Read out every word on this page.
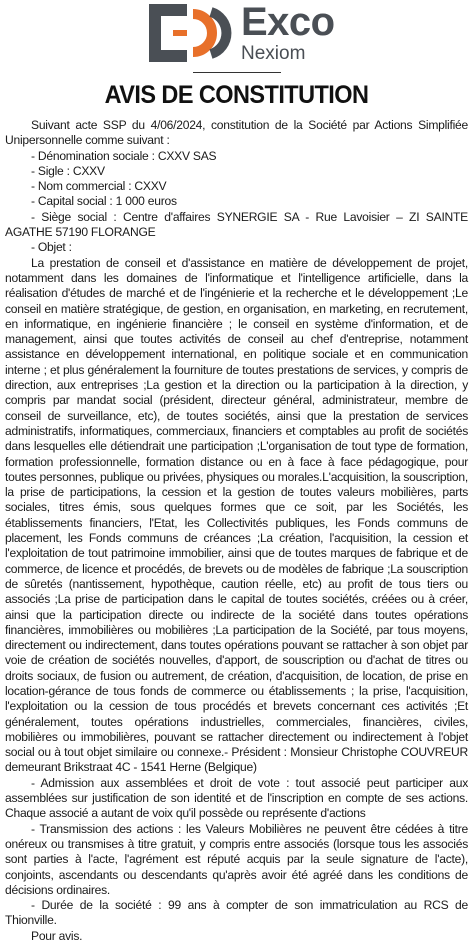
Exco
Nexiom
AVIS DE CONSTITUTION

Suivant acte SSP du 4/06/2024, constitution de la Société par Actions Simplifiée Unipersonnelle comme suivant :

- Dénomination sociale : CXXV SAS

- Sigle : CXXV

- Nom commercial : CXXV

- Capital social : 1 000 euros

- Siège social : Centre d'affaires SYNERGIE SA - Rue Lavoisier – ZI SAINTE AGATHE 57190 FLORANGE

- Objet :

La prestation de conseil et d'assistance en matière de développement de projet, notamment dans les domaines de l'informatique et l'intelligence artificielle, dans la réalisation d'études de marché et de l'ingénierie et la recherche et le développement ;Le conseil en matière stratégique, de gestion, en organisation, en marketing, en recrutement, en informatique, en ingénierie financière ; le conseil en système d'information, et de management, ainsi que toutes activités de conseil au chef d'entreprise, notamment assistance en développement international, en politique sociale et en communication interne ; et plus généralement la fourniture de toutes prestations de services, y compris de direction, aux entreprises ;La gestion et la direction ou la participation à la direction, y compris par mandat social (président, directeur général, administrateur, membre de conseil de surveillance, etc), de toutes sociétés, ainsi que la prestation de services administratifs, informatiques, commerciaux, financiers et comptables au profit de sociétés dans lesquelles elle détiendrait une participation ;L'organisation de tout type de formation, formation professionnelle, formation distance ou en à face à face pédagogique, pour toutes personnes, publique ou privées, physiques ou morales.L'acquisition, la souscription, la prise de participations, la cession et la gestion de toutes valeurs mobilières, parts sociales, titres émis, sous quelques formes que ce soit, par les Sociétés, les établissements financiers, l'Etat, les Collectivités publiques, les Fonds communs de placement, les Fonds communs de créances ;La création, l'acquisition, la cession et l'exploitation de tout patrimoine immobilier, ainsi que de toutes marques de fabrique et de commerce, de licence et procédés, de brevets ou de modèles de fabrique ;La souscription de sûretés (nantissement, hypothèque, caution réelle, etc) au profit de tous tiers ou associés ;La prise de participation dans le capital de toutes sociétés, créées ou à créer, ainsi que la participation directe ou indirecte de la société dans toutes opérations financières, immobilières ou mobilières ;La participation de la Société, par tous moyens, directement ou indirectement, dans toutes opérations pouvant se rattacher à son objet par voie de création de sociétés nouvelles, d'apport, de souscription ou d'achat de titres ou droits sociaux, de fusion ou autrement, de création, d'acquisition, de location, de prise en location-gérance de tous fonds de commerce ou établissements ; la prise, l'acquisition, l'exploitation ou la cession de tous procédés et brevets concernant ces activités ;Et généralement, toutes opérations industrielles, commerciales, financières, civiles, mobilières ou immobilières, pouvant se rattacher directement ou indirectement à l'objet social ou à tout objet similaire ou connexe.- Président : Monsieur Christophe COUVREUR demeurant Brikstraat 4C - 1541 Herne (Belgique)

- Admission aux assemblées et droit de vote : tout associé peut participer aux assemblées sur justification de son identité et de l'inscription en compte de ses actions. Chaque associé a autant de voix qu'il possède ou représente d'actions

- Transmission des actions : les Valeurs Mobilières ne peuvent être cédées à titre onéreux ou transmises à titre gratuit, y compris entre associés (lorsque tous les associés sont parties à l'acte, l'agrément est réputé acquis par la seule signature de l'acte), conjoints, ascendants ou descendants qu'après avoir été agréé dans les conditions de décisions ordinaires.

- Durée de la société : 99 ans à compter de son immatriculation au RCS de Thionville.

Pour avis.
